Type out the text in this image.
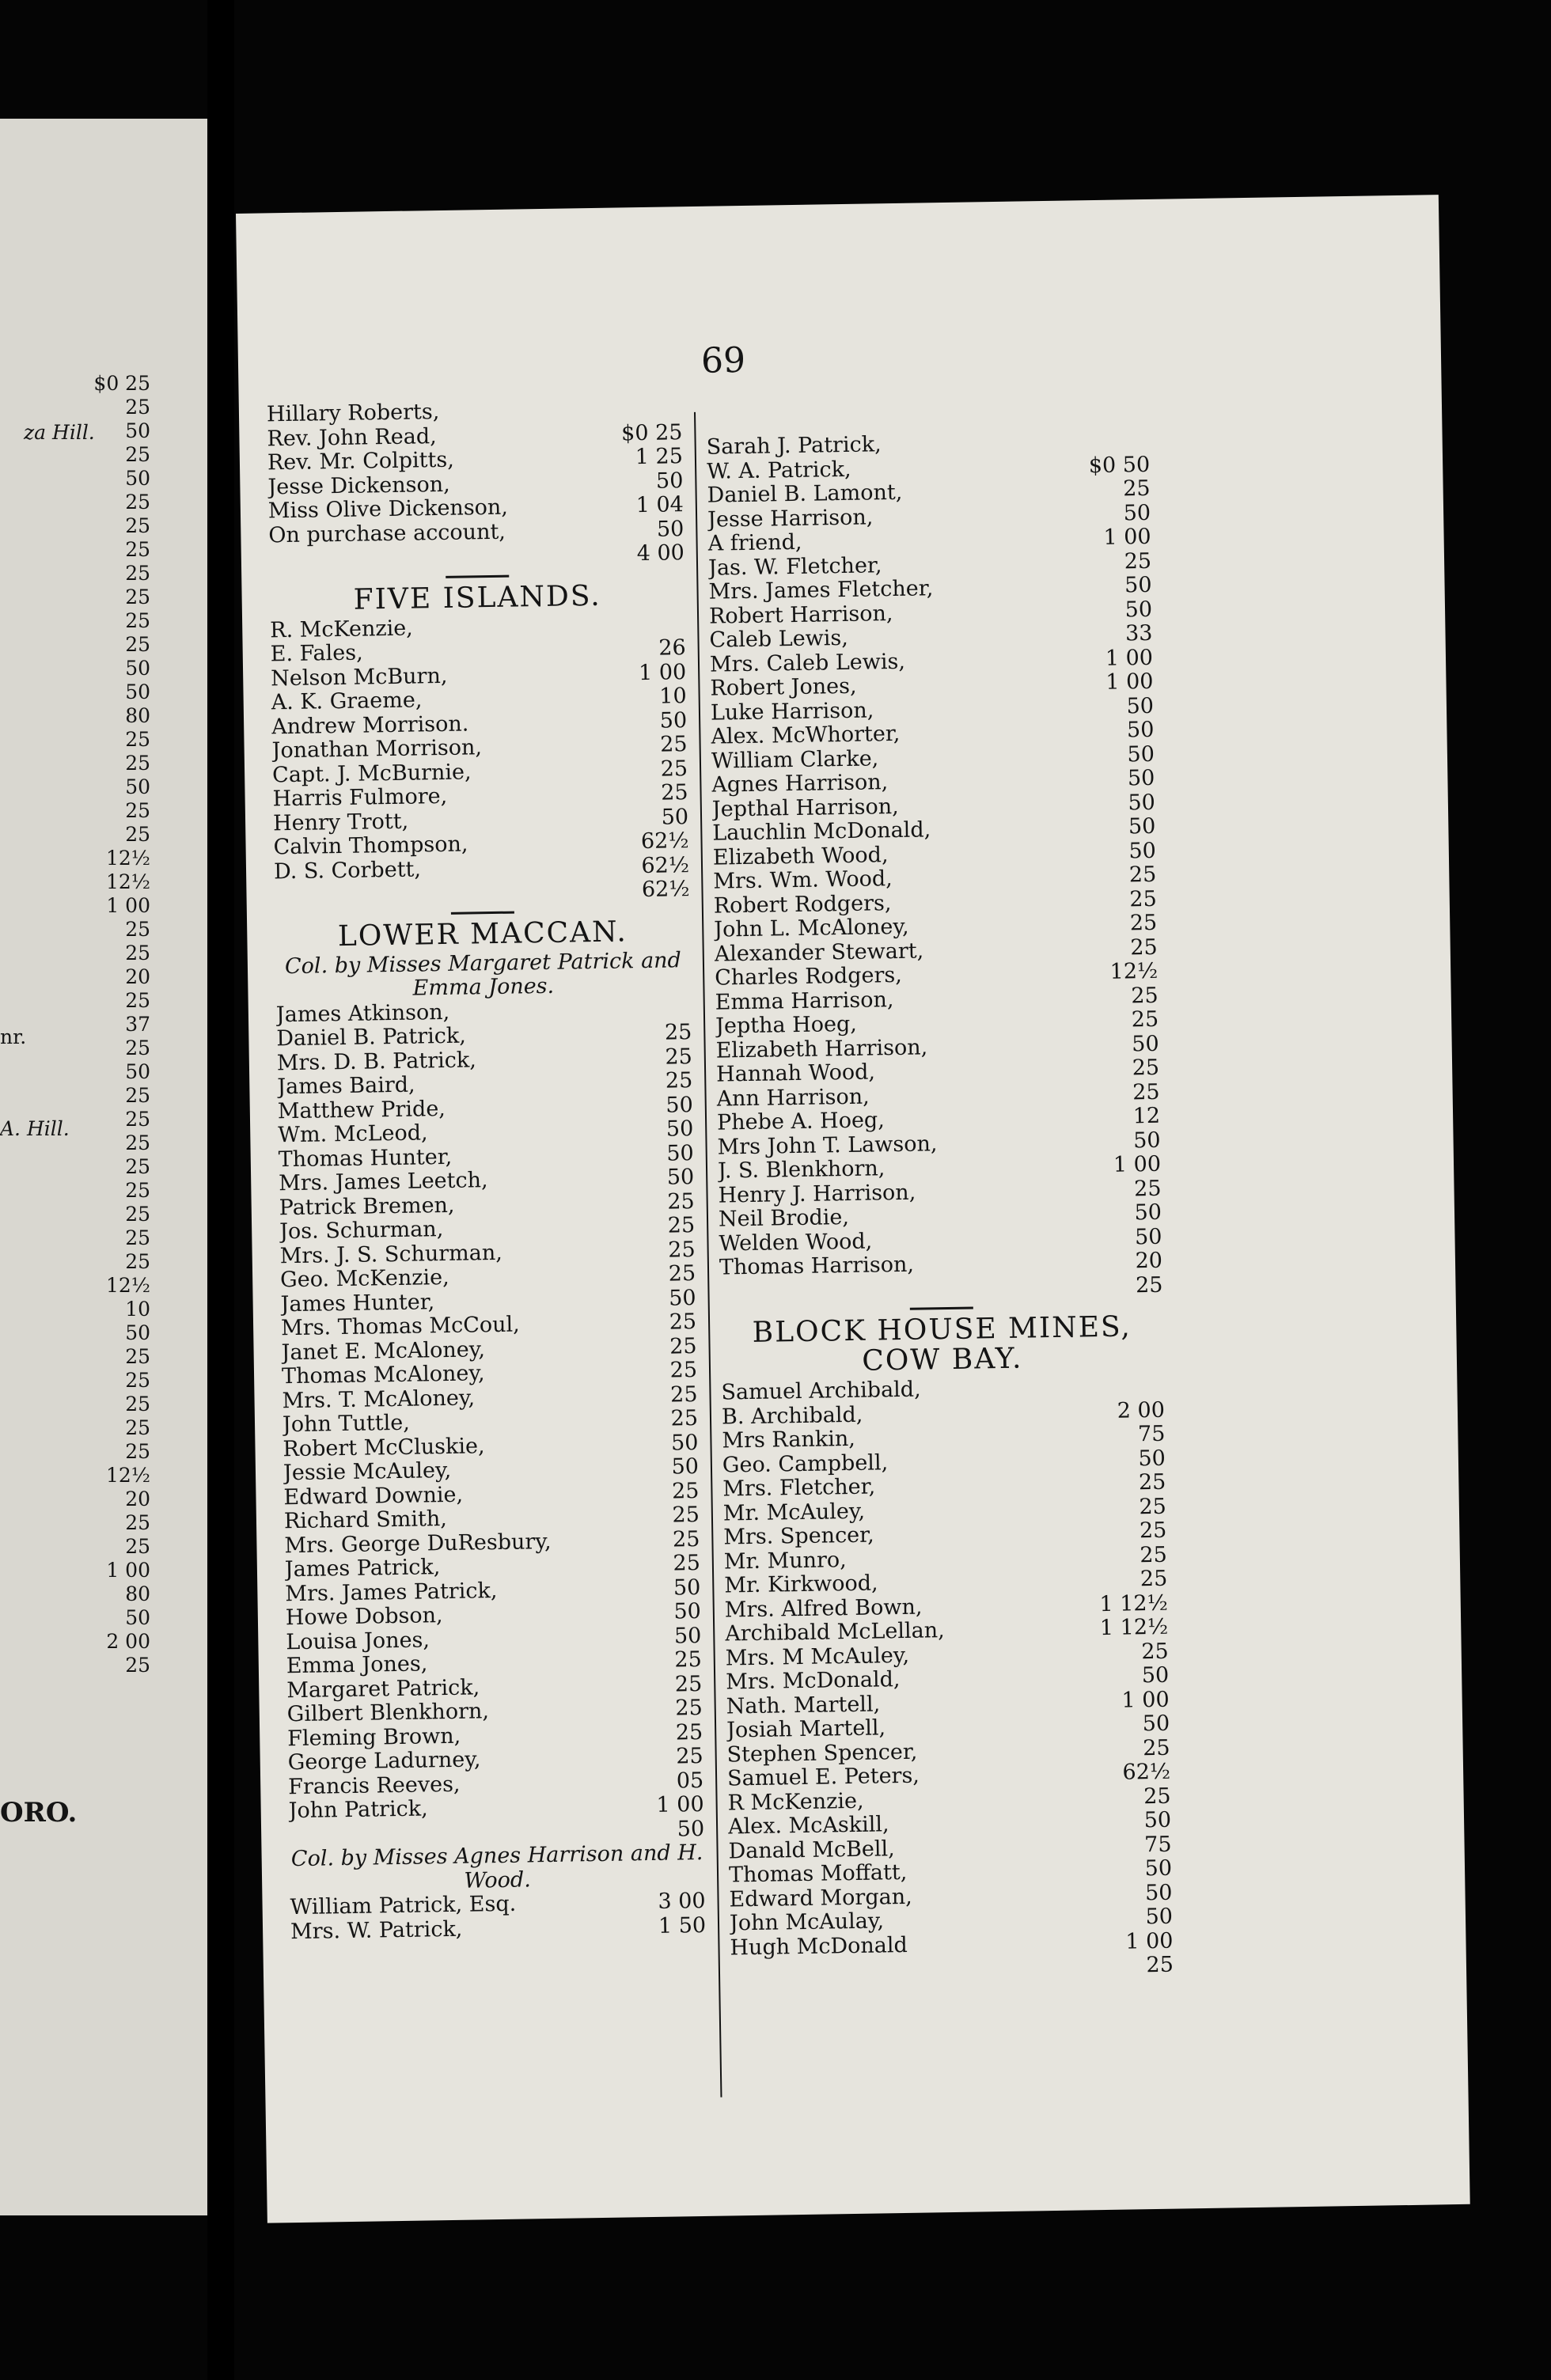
za Hill.
nr.
A. Hill.
ORO.
$0 25
25
50
25
50
25
25
25
25
25
25
25
50
50
80
25
25
50
25
25
12½
12½
1 00
25
25
20
25
37
25
50
25
25
25
25
25
25
25
25
12½
10
50
25
25
25
25
25
12½
20
25
25
1 00
80
50
2 00
25
69
Hillary Roberts,
Rev. John Read,	$0 25
Rev. Mr. Colpitts,	1 25
Jesse Dickenson,	50
Miss Olive Dickenson,	1 04
On purchase account,	50
4 00
FIVE ISLANDS.
R. McKenzie,
E. Fales,	26
Nelson McBurn,	1 00
A. K. Graeme,	10
Andrew Morrison.	50
Jonathan Morrison,	25
Capt. J. McBurnie,	25
Harris Fulmore,	25
Henry Trott,	50
Calvin Thompson,	62½
D. S. Corbett,	62½
62½
LOWER MACCAN.
Col. by Misses Margaret Patrick and Emma Jones.
James Atkinson,
Daniel B. Patrick,	25
Mrs. D. B. Patrick,	25
James Baird,	25
Matthew Pride,	50
Wm. McLeod,	50
Thomas Hunter,	50
Mrs. James Leetch,	50
Patrick Bremen,	25
Jos. Schurman,	25
Mrs. J. S. Schurman,	25
Geo. McKenzie,	25
James Hunter,	50
Mrs. Thomas McCoul,	25
Janet E. McAloney,	25
Thomas McAloney,	25
Mrs. T. McAloney,	25
John Tuttle,	25
Robert McCluskie,	50
Jessie McAuley,	50
Edward Downie,	25
Richard Smith,	25
Mrs. George DuResbury,	25
James Patrick,	25
Mrs. James Patrick,	50
Howe Dobson,	50
Louisa Jones,	50
Emma Jones,	25
Margaret Patrick,	25
Gilbert Blenkhorn,	25
Fleming Brown,	25
George Ladurney,	25
Francis Reeves,	05
John Patrick,	1 00
50
Col. by Misses Agnes Harrison and H. Wood.
William Patrick, Esq.	3 00
Mrs. W. Patrick,	1 50
Sarah J. Patrick,
W. A. Patrick,	$0 50
Daniel B. Lamont,	25
Jesse Harrison,	50
A friend,	1 00
Jas. W. Fletcher,	25
Mrs. James Fletcher,	50
Robert Harrison,	50
Caleb Lewis,	33
Mrs. Caleb Lewis,	1 00
Robert Jones,	1 00
Luke Harrison,	50
Alex. McWhorter,	50
William Clarke,	50
Agnes Harrison,	50
Jepthal Harrison,	50
Lauchlin McDonald,	50
Elizabeth Wood,	50
Mrs. Wm. Wood,	25
Robert Rodgers,	25
John L. McAloney,	25
Alexander Stewart,	25
Charles Rodgers,	12½
Emma Harrison,	25
Jeptha Hoeg,	25
Elizabeth Harrison,	50
Hannah Wood,	25
Ann Harrison,	25
Phebe A. Hoeg,	12
Mrs John T. Lawson,	50
J. S. Blenkhorn,	1 00
Henry J. Harrison,	25
Neil Brodie,	50
Welden Wood,	50
Thomas Harrison,	20
25
BLOCK HOUSE MINES,
COW BAY.
Samuel Archibald,
B. Archibald,	2 00
Mrs Rankin,	75
Geo. Campbell,	50
Mrs. Fletcher,	25
Mr. McAuley,	25
Mrs. Spencer,	25
Mr. Munro,	25
Mr. Kirkwood,	25
Mrs. Alfred Bown,	1 12½
Archibald McLellan,	1 12½
Mrs. M McAuley,	25
Mrs. McDonald,	50
Nath. Martell,	1 00
Josiah Martell,	50
Stephen Spencer,	25
Samuel E. Peters,	62½
R McKenzie,	25
Alex. McAskill,	50
Danald McBell,	75
Thomas Moffatt,	50
Edward Morgan,	50
John McAulay,	50
Hugh McDonald	1 00
25
